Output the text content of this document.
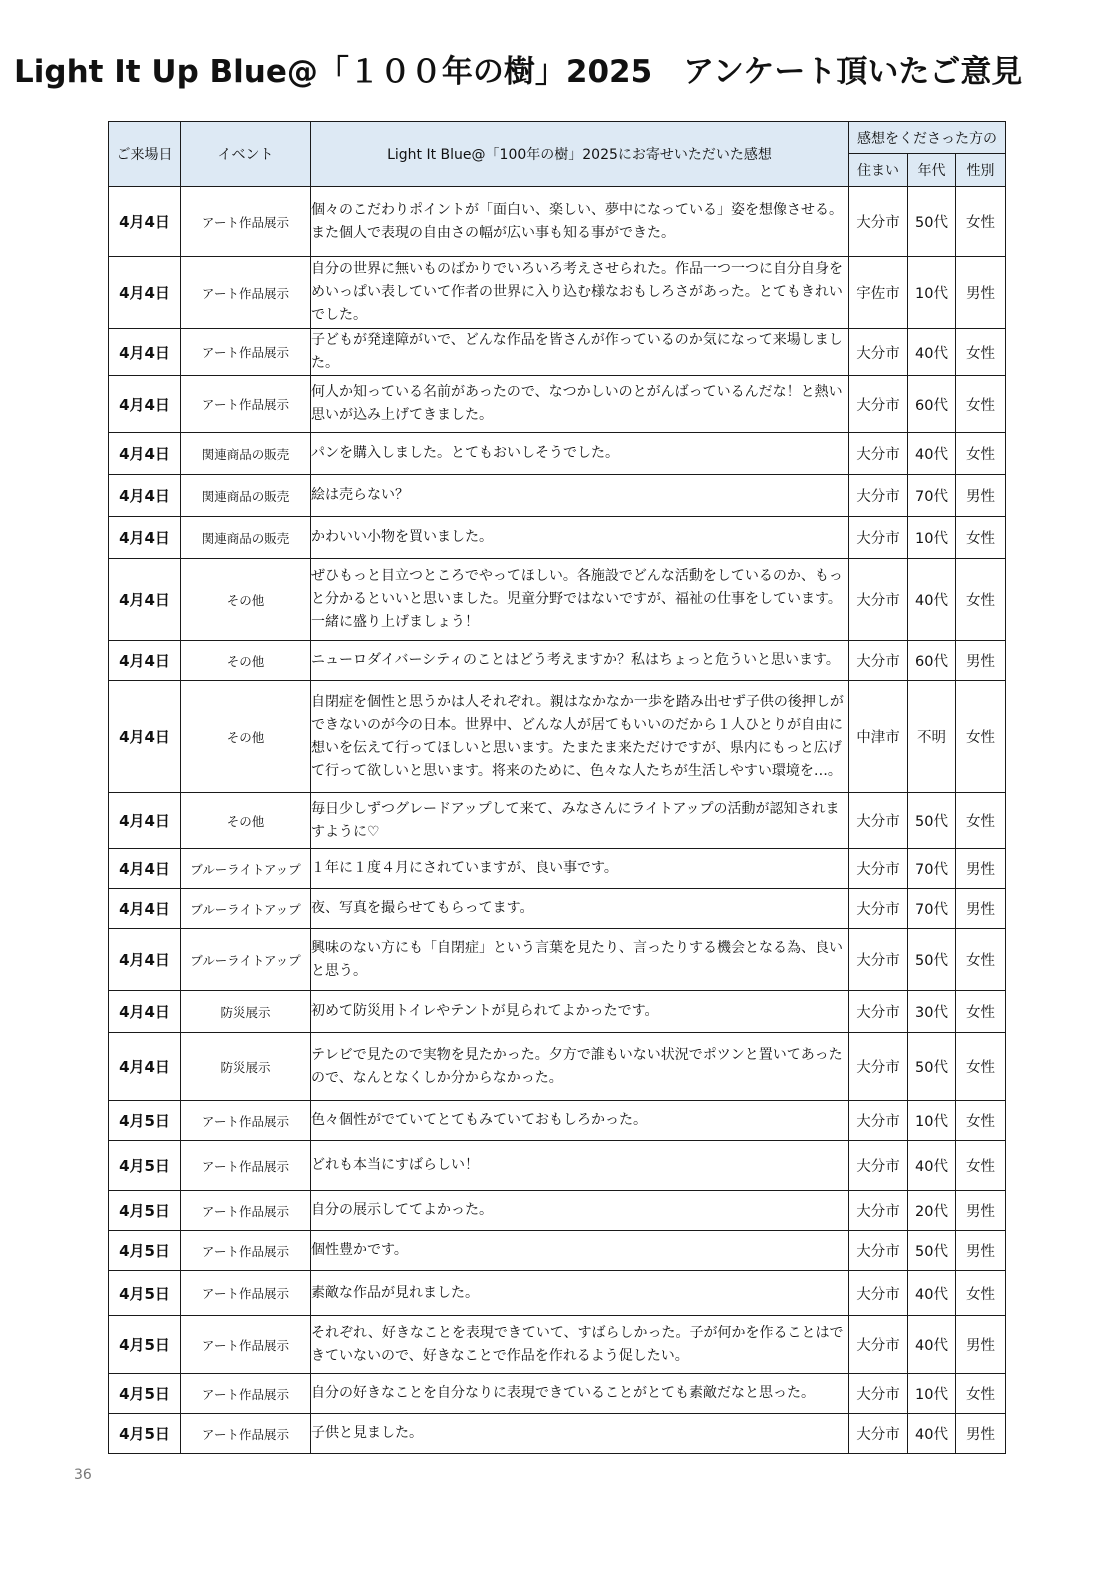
Light It Up Blue@「１００年の樹」2025　アンケート頂いたご意見
ご来場日	イベント	Light It Blue@「100年の樹」2025にお寄せいただいた感想	感想をくださった方の		
			住まい	年代	性別
4月4日	アート作品展示	個々のこだわりポイントが「面白い、楽しい、夢中になっている」姿を想像させる。また個人で表現の自由さの幅が広い事も知る事ができた。	大分市	50代	女性
4月4日	アート作品展示	自分の世界に無いものばかりでいろいろ考えさせられた。作品一つ一つに自分自身をめいっぱい表していて作者の世界に入り込む様なおもしろさがあった。とてもきれいでした。	宇佐市	10代	男性
4月4日	アート作品展示	子どもが発達障がいで、どんな作品を皆さんが作っているのか気になって来場しました。	大分市	40代	女性
4月4日	アート作品展示	何人か知っている名前があったので、なつかしいのとがんばっているんだな！と熱い思いが込み上げてきました。	大分市	60代	女性
4月4日	関連商品の販売	パンを購入しました。とてもおいしそうでした。	大分市	40代	女性
4月4日	関連商品の販売	絵は売らない？	大分市	70代	男性
4月4日	関連商品の販売	かわいい小物を買いました。	大分市	10代	女性
4月4日	その他	ぜひもっと目立つところでやってほしい。各施設でどんな活動をしているのか、もっと分かるといいと思いました。児童分野ではないですが、福祉の仕事をしています。一緒に盛り上げましょう！	大分市	40代	女性
4月4日	その他	ニューロダイバーシティのことはどう考えますか？私はちょっと危ういと思います。	大分市	60代	男性
4月4日	その他	自閉症を個性と思うかは人それぞれ。親はなかなか一歩を踏み出せず子供の後押しができないのが今の日本。世界中、どんな人が居てもいいのだから１人ひとりが自由に想いを伝えて行ってほしいと思います。たまたま来ただけですが、県内にもっと広げて行って欲しいと思います。将来のために、色々な人たちが生活しやすい環境を…。	中津市	不明	女性
4月4日	その他	毎日少しずつグレードアップして来て、みなさんにライトアップの活動が認知されますように♡	大分市	50代	女性
4月4日	ブルーライトアップ	１年に１度４月にされていますが、良い事です。	大分市	70代	男性
4月4日	ブルーライトアップ	夜、写真を撮らせてもらってます。	大分市	70代	男性
4月4日	ブルーライトアップ	興味のない方にも「自閉症」という言葉を見たり、言ったりする機会となる為、良いと思う。	大分市	50代	女性
4月4日	防災展示	初めて防災用トイレやテントが見られてよかったです。	大分市	30代	女性
4月4日	防災展示	テレビで見たので実物を見たかった。夕方で誰もいない状況でポツンと置いてあったので、なんとなくしか分からなかった。	大分市	50代	女性
4月5日	アート作品展示	色々個性がでていてとてもみていておもしろかった。	大分市	10代	女性
4月5日	アート作品展示	どれも本当にすばらしい！	大分市	40代	女性
4月5日	アート作品展示	自分の展示しててよかった。	大分市	20代	男性
4月5日	アート作品展示	個性豊かです。	大分市	50代	男性
4月5日	アート作品展示	素敵な作品が見れました。	大分市	40代	女性
4月5日	アート作品展示	それぞれ、好きなことを表現できていて、すばらしかった。子が何かを作ることはできていないので、好きなことで作品を作れるよう促したい。	大分市	40代	男性
4月5日	アート作品展示	自分の好きなことを自分なりに表現できていることがとても素敵だなと思った。	大分市	10代	女性
4月5日	アート作品展示	子供と見ました。	大分市	40代	男性
36
